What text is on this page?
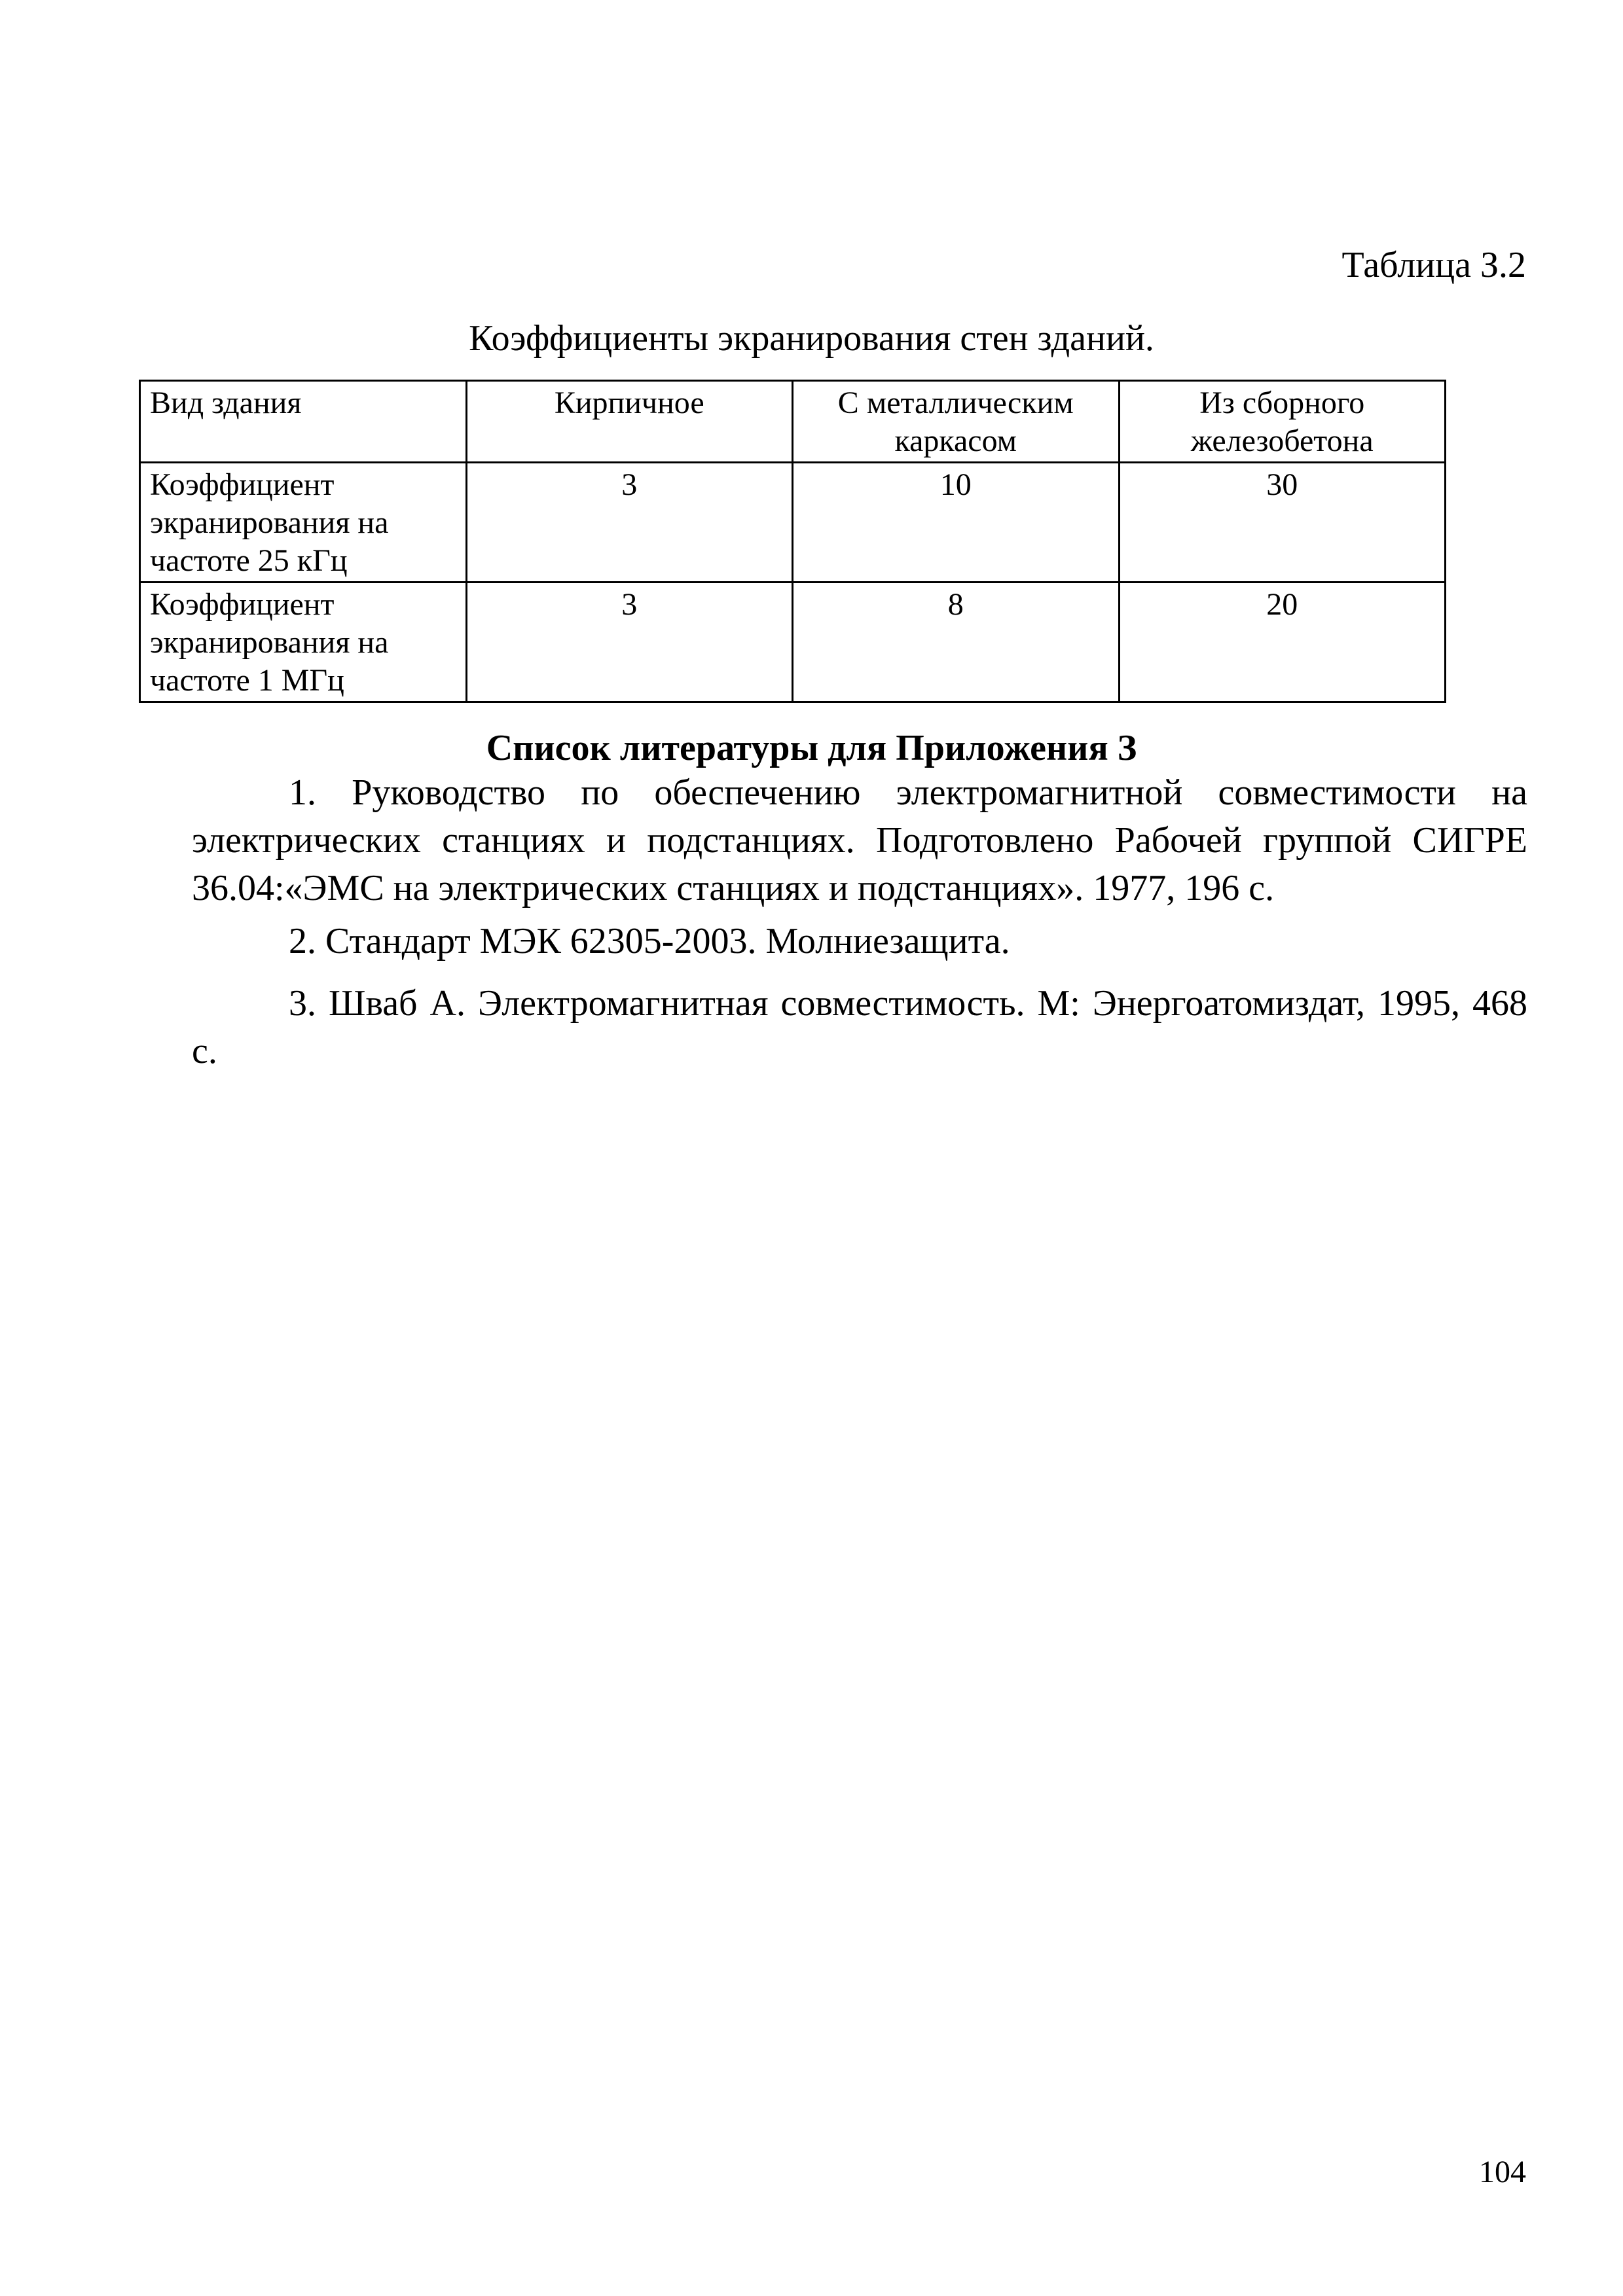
Таблица З.2
Коэффициенты экранирования стен зданий.
Вид здания	Кирпичное	С металлическим каркасом	Из сборного железобетона
Коэффициент экранирования на частоте 25 кГц	3	10	30
Коэффициент экранирования на частоте 1 МГц	3	8	20
Список литературы для Приложения З
1. Руководство по обеспечению электромагнитной совместимости на электрических станциях и подстанциях. Подготовлено Рабочей группой СИГРЕ 36.04:«ЭМС на электрических станциях и подстанциях». 1977, 196 с.
2. Стандарт МЭК 62305-2003. Молниезащита.
3. Шваб А. Электромагнитная совместимость. М: Энергоатомиздат, 1995, 468 с.
104
